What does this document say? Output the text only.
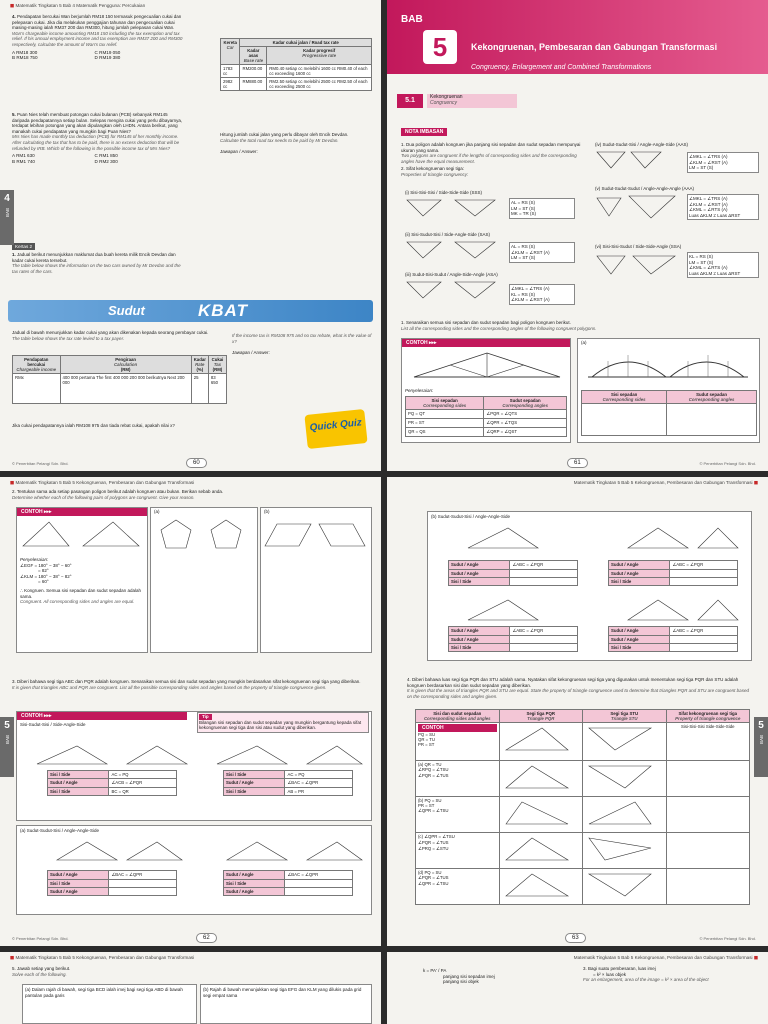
◼ Matematik Tingkatan 5 Bab 4 Matematik Pengguna: Percukaian
4. Pendapatan bercukai Wan berjumlah RM18 150 termasuk pengecualian cukai dan pelepasan cukai. Jika dia melakukan penggajian tahunan dan pengecualian cukai masing-masing ialah RM37 200 dan RM300, hitung jumlah pelepasan cukai Wan.
Wan's chargeable income amounting RM18 150 including the tax exemption and tax relief. If his annual employment income and tax exemption are RM37 200 and RM300 respectively, calculate the amount of Wan's tax relief.
A RM18 300	C RM19 050 B RM18 750	D RM19 380
5. Puan Nies telah membuat potongan cukai bulanan (PCB) sebanyak RM145 daripada pendapatannya setiap bulan. Selepas mengira cukai yang perlu dibayarnya, terdapat lebihan potongan yang akan dipulangkan oleh LHDN. Antara berikut, yang manakah cukai pendapatan yang mungkin bagi Puan Nies?
Mrs Nies has made monthly tax deduction (PCB) for RM145 of her monthly income. After calculating the tax that has to be paid, there is an excess deduction that will be refunded by IRB. Which of the following is the possible income tax of Mrs Nies?
A RM1 630	C RM1 850 B RM1 740	D RM2 300
Kertas 2
1. Jadual berikut menunjukkan maklumat dua buah kereta milik Encik Devdan dan kadar cukai kereta tersebut.
The table below shows the information on the two cars owned by Mr Devdan and the tax rates of the cars.
Kereta
Car	Kadar cukai jalan / Road tax rate	
	Kadar asas
Base rate	Kadar progresif
Progressive rate
1783 cc	RM200.00	RM0.40 setiap cc melebihi 1600 cc RM0.40 of each cc exceeding 1600 cc
2982 cc	RM880.00	RM2.50 setiap cc melebihi 2500 cc RM2.50 of each cc exceeding 2500 cc
Hitung jumlah cukai jalan yang perlu dibayar oleh Encik Devdan.
Calculate the total road tax needs to be paid by Mr Devdan.
Jawapan / Answer:
Sudut	KBAT
Jadual di bawah menunjukkan kadar cukai yang akan dikenakan kepada seorang pembayar cukai.
The table below shows the tax rate levied to a tax payer.
Pendapatan bercukai
Chargeable income	Pengiraan
Calculation
(RM)	Kadar
Rate
(%)	Cukai
Tax
(RM)
RMx	400 000 pertama The first 400 000 200 000 berikutnya Next 200 000	25	83 650
Jika cukai pendapatannya ialah RM108 975 dan tiada rebat cukai, apakah nilai x?
If the income tax is RM108 975 and no tax rebate, what is the value of x?
Jawapan / Answer:
Quick Quiz
© Penerbitan Pelangi Sdn. Bhd.	60
4
BAB
BAB
5	Kekongruenan, Pembesaran dan Gabungan Transformasi
Congruency, Enlargement and Combined Transformations
5.1	Kekongruenan
Congruency
NOTA IMBASAN
1. Dua poligon adalah kongruen jika panjang sisi sepadan dan sudut sepadan mempunyai ukuran yang sama.
Two polygons are congruent if the lengths of corresponding sides and the corresponding angles have the equal measurement.
2. Sifat kekongruenan segi tiga:
Properties of triangle congruency:
(i) Sisi-Sisi-Sisi / Side-Side-Side (SSS)
AL = RS (S)
LM = ST (S)
MK = TR (S)
(ii) Sisi-Sudut-Sisi / Side-Angle-Side (SAS)
AL = RS (S)
∠KLM = ∠RST (A)
LM = ST (S)
(iii) Sudut-Sisi-Sudut / Angle-Side-Angle (ASA)
∠MKL = ∠TRS (A)
KL = RS (S)
∠KLM = ∠RST (A)
(iv) Sudut-Sudut-Sisi / Angle-Angle-Side (AAS)
∠MKL = ∠TRS (A)
∠KLM = ∠RST (A)
LM = ST (S)
(v) Sudut-Sudut-Sudut / Angle-Angle-Angle (AAA)
∠MKL = ∠TRS (A)
∠KLM = ∠RST (A)
∠KML = ∠RTS (A)
Luas ΔKLM ≠ Luas ΔRST
(vi) Sisi-Sisi-Sudut / Side-Side-Angle (SSA)
KL = RS (S)
LM = ST (S)
∠KML = ∠RTS (A)
Luas ΔKLM ≠ Luas ΔRST
1. Senaraikan semua sisi sepadan dan sudut sepadan bagi poligon kongruen berikut.
List all the corresponding sides and the corresponding angles of the following congruent polygons.
CONTOH ▸▸▸
Penyelesaian:
Sisi sepadan
Corresponding sides	Sudut sepadan
Corresponding angles
PQ = QT	∠PQR = ∠QTS
PR = ST	∠QPR = ∠TQS
QR = QS	∠QRP = ∠QST
(a)
Sisi sepadan
Corresponding sides	Sudut sepadan
Corresponding angles

© Penerbitan Pelangi Sdn. Bhd.
61
◼ Matematik Tingkatan 5 Bab 5 Kekongruenan, Pembesaran dan Gabungan Transformasi
2. Tentukan sama ada setiap pasangan poligon berikut adalah kongruen atau bukan. Berikan sebab anda.
Determine whether each of the following pairs of polygons are congruent. Give your reason.
CONTOH ▸▸▸
Penyelesaian:
∠EGF = 180° − 38° − 60°
= 82°
∠KLM = 180° − 38° − 82°
= 60°
∴ Kongruen. Semua sisi sepadan dan sudut sepadan adalah sama.
Congruent. All corresponding sides and angles are equal.
(a)	(b)
3. Diberi bahawa segi tiga ABC dan PQR adalah kongruen. Senaraikan semua sisi dan sudut sepadan yang mungkin berdasarkan sifat kekongruenan segi tiga yang diberikan.
It is given that triangles ABC and PQR are congruent. List all the possible corresponding sides and angles based on the property of triangle congruence given.
CONTOH ▸▸▸
Sisi-Sudut-Sisi / Side-Angle-Side
Tip
Bilangan sisi sepadan dan sudut sepadan yang mungkin bergantung kepada sifat kekongruenan segi tiga dan sisi atau sudut yang diberikan.
Sisi / Side	AC = PQ
Sudut / Angle	∠ACB = ∠PQR
Sisi / Side	BC = QR
Sisi / Side	AC = PQ
Sudut / Angle	∠BAC = ∠QPR
Sisi / Side	AB = PR
(a) Sudut-Sudut-Sisi / Angle-Angle-Side
Sudut / Angle	∠BAC = ∠QPR
Sisi / Side	
Sudut / Angle	
Sudut / Angle	∠BAC = ∠QPR
Sisi / Side	
Sudut / Angle	
© Penerbitan Pelangi Sdn. Bhd.	62
5
BAB
Matematik Tingkatan 5 Bab 5 Kekongruenan, Pembesaran dan Gabungan Transformasi ◼
(b) Sudut-Sudut-Sisi / Angle-Angle-Side
Sudut / Angle	∠ABC = ∠PQR
Sudut / Angle	
Sisi / Side	
Sudut / Angle	∠ABC = ∠PQR
Sudut / Angle	
Sisi / Side	
Sudut / Angle	∠ABC = ∠PQR
Sudut / Angle	
Sisi / Side	
Sudut / Angle	∠ABC = ∠PQR
Sudut / Angle	
Sisi / Side	
4. Diberi bahawa luas segi tiga PQR dan STU adalah sama. Nyatakan sifat kekongruenan segi tiga yang digunakan untuk menentukan segi tiga PQR dan STU adalah kongruen berdasarkan sisi dan sudut sepadan yang diberikan.
It is given that the areas of triangles PQR and STU are equal. State the property of triangle congruence used to determine that triangles PQR and STU are congruent based on the corresponding sides and angles given.
Sisi dan sudut sepadan
Corresponding sides and angles	Segi tiga PQR
Triangle PQR	Segi tiga STU
Triangle STU	Sifat kekongruenan segi tiga
Property of triangle congruence

CONTOH
PQ = SU
QR = TU
PR = ST			Sisi-Sisi-Sisi Side-Side-Side

(a) QR = TU
∠RPQ = ∠TSU
∠PQR = ∠TUS

(b) PQ = SU
PR = ST
∠QPR = ∠TSU

(c) ∠QPR = ∠TSU
∠PQR = ∠TUS
∠PRQ = ∠STU

(d) PQ = SU
∠PQR = ∠TUS
∠QPR = ∠TSU

© Penerbitan Pelangi Sdn. Bhd.
63
5
BAB
◼ Matematik Tingkatan 5 Bab 5 Kekongruenan, Pembesaran dan Gabungan Transformasi
5. Jawab setiap yang berikut.
Solve each of the following.
(a) Dalam rajah di bawah, segi tiga BCD ialah imej bagi segi tiga ABD di bawah pantulan pada garis
(b) Rajah di bawah menunjukkan segi tiga EFG dan KLM yang dilukis pada grid segi empat sama
Matematik Tingkatan 5 Bab 5 Kekongruenan, Pembesaran dan Gabungan Transformasi ◼
k = PA' / PA
panjang sisi sepadan imej
panjang sisi objek
3. Bagi suatu pembesaran, luas imej
= k² × luas objek
For an enlargement, area of the image = k² × area of the object
